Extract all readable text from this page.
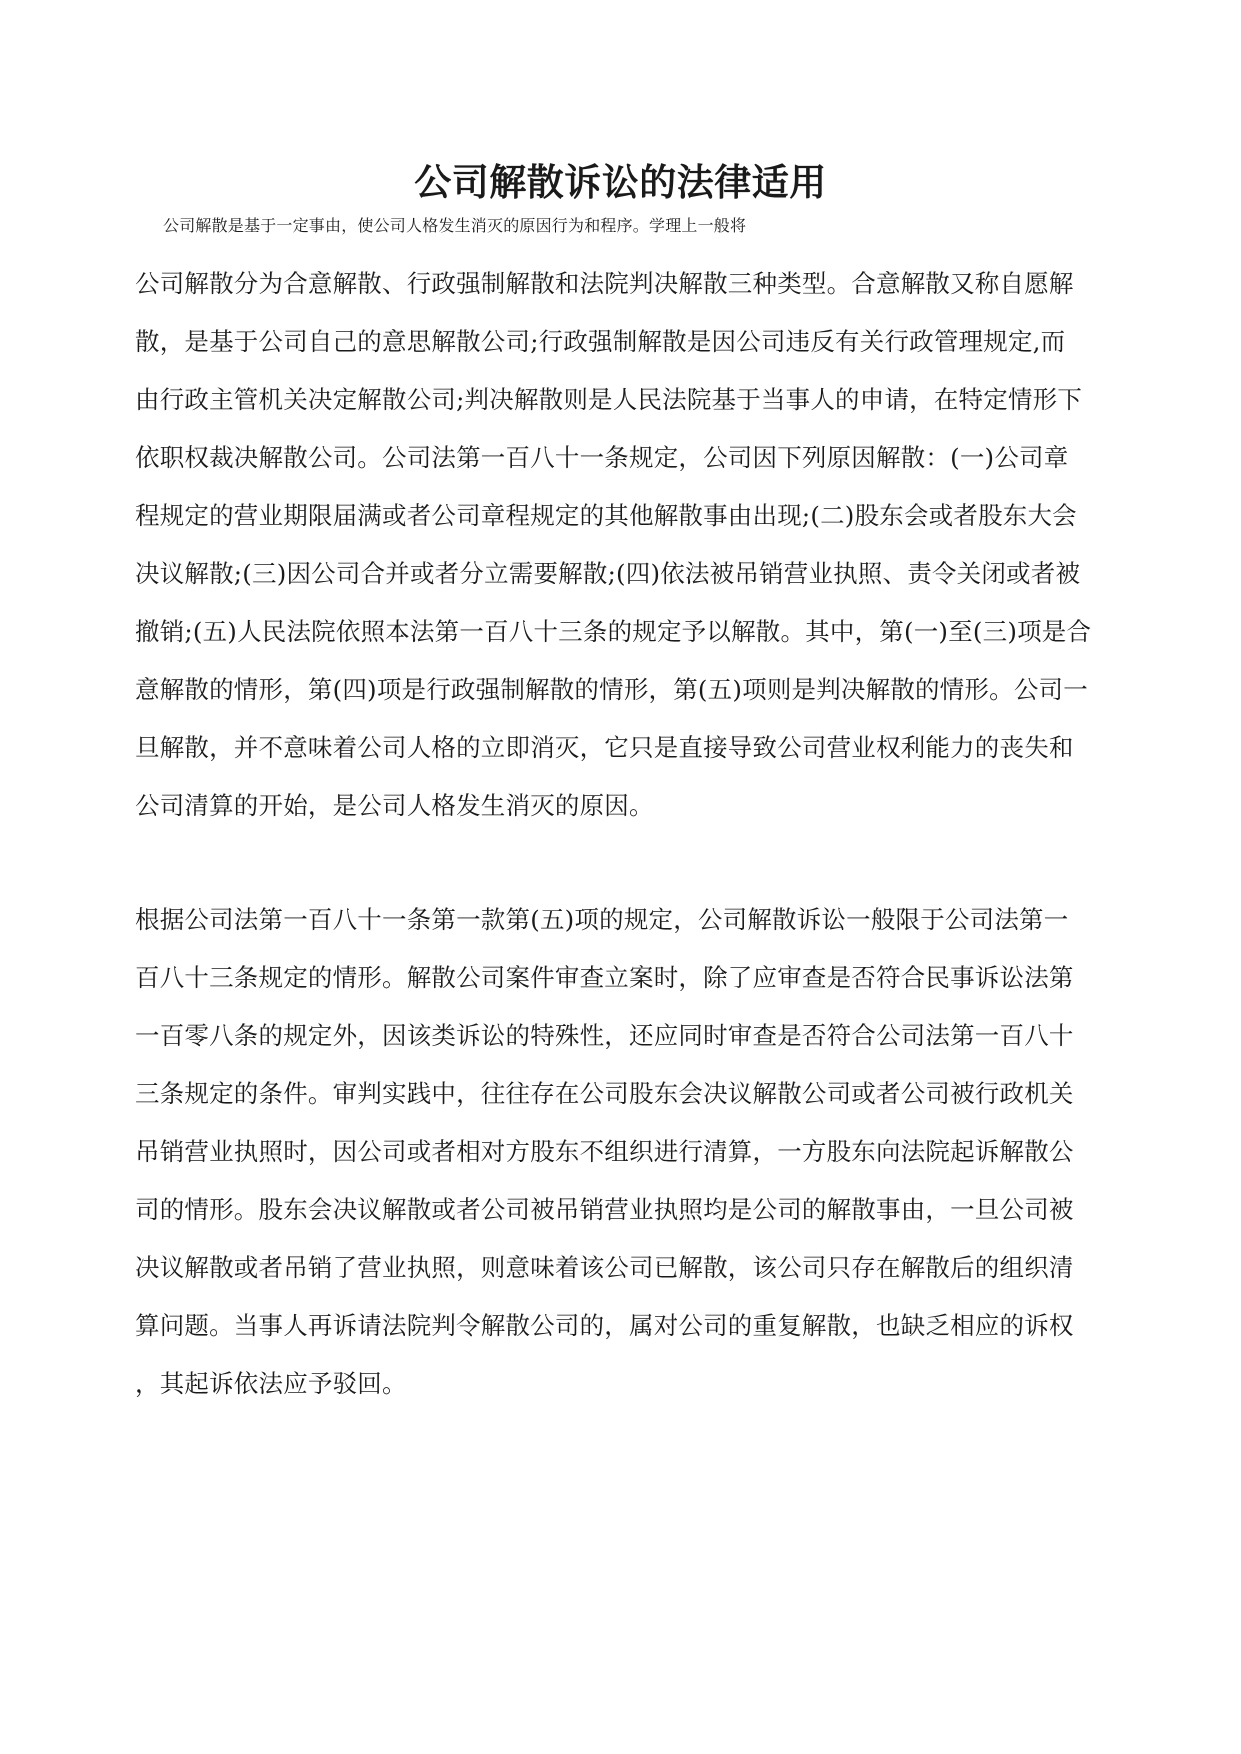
公司解散诉讼的法律适用
公司解散是基于一定事由，使公司人格发生消灭的原因行为和程序。学理上一般将
公司解散分为合意解散、行政强制解散和法院判决解散三种类型。合意解散又称自愿解
散，是基于公司自己的意思解散公司;行政强制解散是因公司违反有关行政管理规定,而
由行政主管机关决定解散公司;判决解散则是人民法院基于当事人的申请，在特定情形下
依职权裁决解散公司。公司法第一百八十一条规定，公司因下列原因解散：(一)公司章
程规定的营业期限届满或者公司章程规定的其他解散事由出现;(二)股东会或者股东大会
决议解散;(三)因公司合并或者分立需要解散;(四)依法被吊销营业执照、责令关闭或者被
撤销;(五)人民法院依照本法第一百八十三条的规定予以解散。其中，第(一)至(三)项是合
意解散的情形，第(四)项是行政强制解散的情形，第(五)项则是判决解散的情形。公司一
旦解散，并不意味着公司人格的立即消灭，它只是直接导致公司营业权利能力的丧失和
公司清算的开始，是公司人格发生消灭的原因。
根据公司法第一百八十一条第一款第(五)项的规定，公司解散诉讼一般限于公司法第一
百八十三条规定的情形。解散公司案件审查立案时，除了应审查是否符合民事诉讼法第
一百零八条的规定外，因该类诉讼的特殊性，还应同时审查是否符合公司法第一百八十
三条规定的条件。审判实践中，往往存在公司股东会决议解散公司或者公司被行政机关
吊销营业执照时，因公司或者相对方股东不组织进行清算，一方股东向法院起诉解散公
司的情形。股东会决议解散或者公司被吊销营业执照均是公司的解散事由，一旦公司被
决议解散或者吊销了营业执照，则意味着该公司已解散，该公司只存在解散后的组织清
算问题。当事人再诉请法院判令解散公司的，属对公司的重复解散，也缺乏相应的诉权
，其起诉依法应予驳回。
